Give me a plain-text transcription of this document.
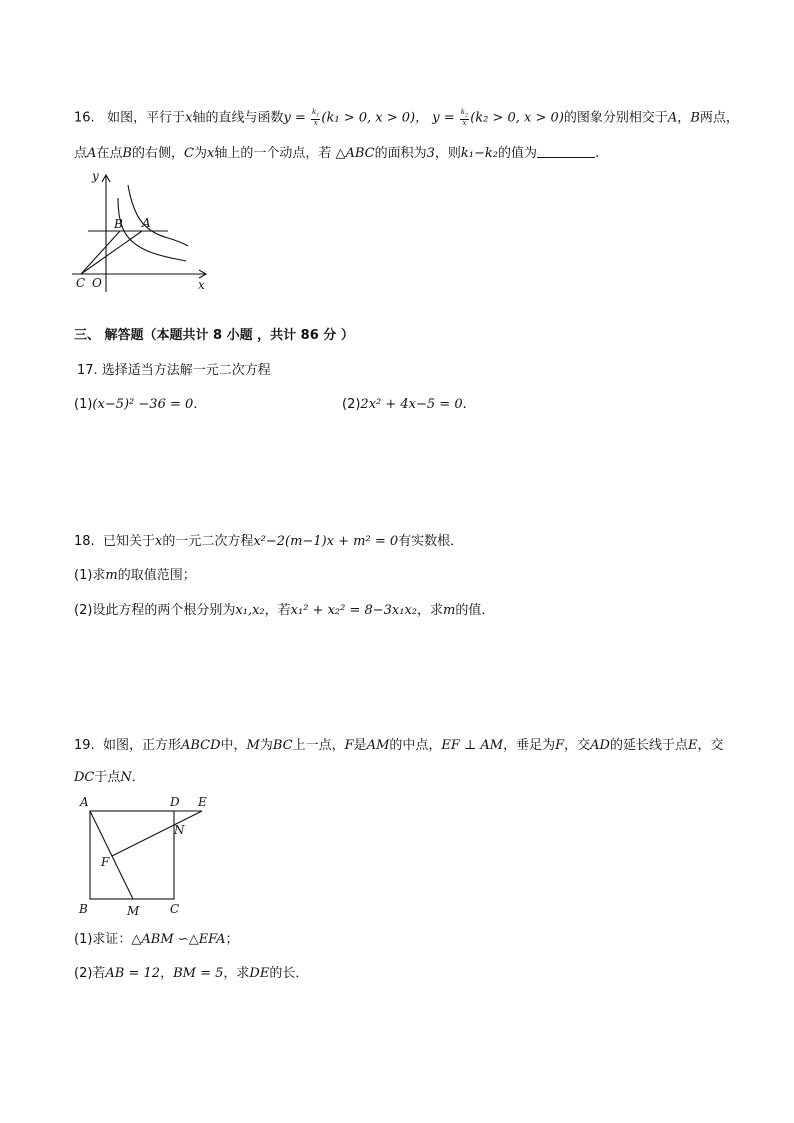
16. 如图，平行于x轴的直线与函数$y = \frac{k_1}{x} (k_1 > 0$, x > 0)， $y = \frac{k_2}{x} (k_2 > 0$, x > 0)的图象分别相交于A，B两点，
点A在点B的右侧，C为x轴上的一个动点，若 △ABC的面积为3，则k₁−k₂的值为	.
B A
y
x
C O
三、 解答题（本题共计 8 小题 ，共计 86 分 ）
17. 选择适当方法解一元二次方程
(1)(x−5)² −36 = 0.	(2)2x² + 4x−5 = 0.
18. 已知关于x的一元二次方程x²−2(m−1)x + m² = 0有实数根．
(1)求m的取值范围；
(2)设此方程的两个根分别为x₁,x₂，若x₁² + x₂² = 8−3x₁x₂，求m的值．
19. 如图，正方形ABCD中，M为BC上一点，F是AM的中点，EF ⊥ AM，垂足为F，交AD的延长线于点E，交
DC于点N．
A	D E
N
F
B	M	C
(1)求证：△ABM ∽△EFA；
(2)若AB = 12，BM = 5，求DE的长．
